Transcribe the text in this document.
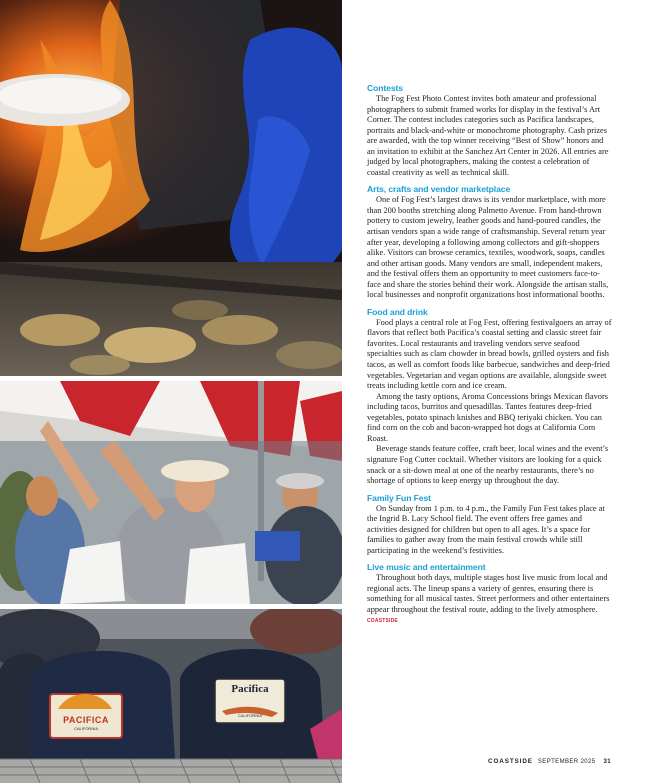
PACIFICA
CALIFORNIA
Pacifica
CALIFORNIA
Contests

The Fog Fest Photo Contest invites both amateur and professional photographers to submit framed works for display in the festival’s Art Corner. The contest includes categories such as Pacifica landscapes, portraits and black-and-white or monochrome photography. Cash prizes are awarded, with the top winner receiving “Best of Show” honors and an invitation to exhibit at the Sanchez Art Center in 2026. All entries are judged by local photographers, making the contest a celebration of coastal creativity as well as technical skill.

Arts, crafts and vendor marketplace

One of Fog Fest’s largest draws is its vendor marketplace, with more than 200 booths stretching along Palmetto Avenue. From hand-thrown pottery to custom jewelry, leather goods and hand-poured candles, the artisan vendors span a wide range of craftsmanship. Several return year after year, developing a following among collectors and gift-shoppers alike. Visitors can browse ceramics, textiles, woodwork, soaps, candles and other artisan goods. Many vendors are small, independent makers, and the festival offers them an opportunity to meet customers face-to-face and share the stories behind their work. Alongside the artisan stalls, local businesses and nonprofit organizations host informational booths.

Food and drink

Food plays a central role at Fog Fest, offering festivalgoers an array of flavors that reflect both Pacifica’s coastal setting and classic street fair favorites. Local restaurants and traveling vendors serve seafood specialties such as clam chowder in bread bowls, grilled oysters and fish tacos, as well as comfort foods like barbecue, sandwiches and deep-fried vegetables. Vegetarian and vegan options are available, alongside sweet treats including kettle corn and ice cream.

Among the tasty options, Aroma Concessions brings Mexican flavors including tacos, burritos and quesadillas. Tantes features deep-fried vegetables, potato spinach knishes and BBQ teriyaki chicken. You can find corn on the cob and bacon-wrapped hot dogs at California Corn Roast.

Beverage stands feature coffee, craft beer, local wines and the event’s signature Fog Cutter cocktail. Whether visitors are looking for a quick snack or a sit-down meal at one of the nearby restaurants, there’s no shortage of options to keep energy up throughout the day.

Family Fun Fest

On Sunday from 1 p.m. to 4 p.m., the Family Fun Fest takes place at the Ingrid B. Lacy School field. The event offers free games and activities designed for children but open to all ages. It’s a space for families to gather away from the main festival crowds while still participating in the weekend’s festivities.

Live music and entertainment

Throughout both days, multiple stages host live music from local and regional acts. The lineup spans a variety of genres, ensuring there is something for all musical tastes. Street performers and other entertainers appear throughout the festival route, adding to the lively atmosphere. COASTSIDE

COASTSIDE SEPTEMBER 2025 31
